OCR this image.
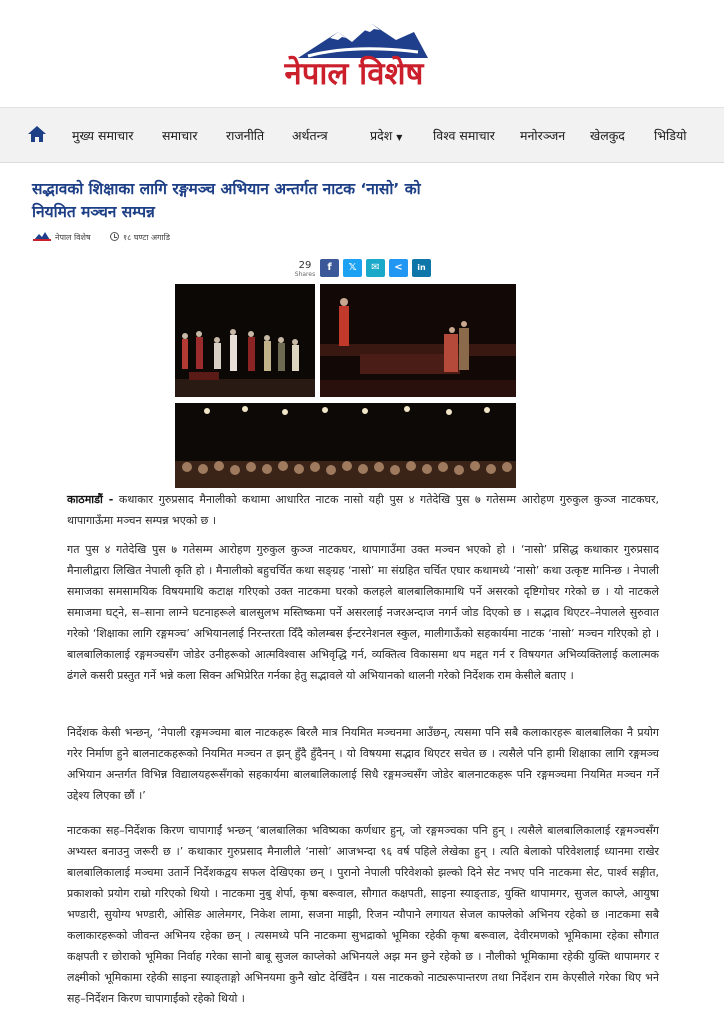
नेपाल विशेष
मुख्य समाचार समाचार राजनीति अर्थतन्त्र	प्रदेश ▼ विश्व समाचार मनोरञ्जन खेलकुद भिडियो
सद्भावको शिक्षाका लागि रङ्गमञ्च अभियान अन्तर्गत नाटक ‘नासो’ को नियमित मञ्चन सम्पन्न
नेपाल विशेष	१८ घण्टा अगाडि
29
Shares
f	𝕏	✉	<	in

काठमाडौं - कथाकार गुरुप्रसाद मैनालीको कथामा आधारित नाटक नासो यही पुस ४ गतेदेखि पुस ७ गतेसम्म आरोहण गुरुकुल कुञ्ज नाटकघर, थापागाऊँमा मञ्चन सम्पन्न भएको छ ।

गत पुस ४ गतेदेखि पुस ७ गतेसम्म आरोहण गुरुकुल कुञ्ज नाटकघर, थापागाउँमा उक्त मञ्चन भएको हो । ‘नासो’ प्रसिद्ध कथाकार गुरुप्रसाद मैनालीद्वारा लिखित नेपाली कृति हो । मैनालीको बहुचर्चित कथा सङ्ग्रह ‘नासो’ मा संग्रहित चर्चित एघार कथामध्ये ‘नासो’ कथा उत्कृष्ट मानिन्छ । नेपाली समाजका समसामयिक विषयमाथि कटाक्ष गरिएको उक्त नाटकमा घरको कलहले बालबालिकामाथि पर्ने असरको दृष्टिगोचर गरेको छ । यो नाटकले समाजमा घट्ने, स–साना लाग्ने घटनाहरूले बालसुलभ मस्तिष्कमा पर्ने असरलाई नजरअन्दाज नगर्न जोड दिएको छ । सद्भाव थिएटर–नेपालले सुरुवात गरेको ‘शिक्षाका लागि रङ्गमञ्च’ अभियानलाई निरन्तरता दिँदै कोलम्बस ईन्टरनेशनल स्कुल, मालीगाऊँको सहकार्यमा नाटक ‘नासो’ मञ्चन गरिएको हो । बालबालिकालाई रङ्गमञ्चसँग जोडेर उनीहरूको आत्मविश्वास अभिवृद्धि गर्न, व्यक्तित्व विकासमा थप मद्दत गर्न र विषयगत अभिव्यक्तिलाई कलात्मक ढंगले कसरी प्रस्तुत गर्ने भन्ने कला सिक्न अभिप्रेरित गर्नका हेतु सद्भावले यो अभियानको थालनी गरेको निर्देशक राम केसीले बताए ।

निर्देशक केसी भन्छन्, ‘नेपाली रङ्गमञ्चमा बाल नाटकहरू बिरलै मात्र नियमित मञ्चनमा आउँछन्, त्यसमा पनि सबै कलाकारहरू बालबालिका नै प्रयोग गरेर निर्माण हुने बालनाटकहरूको नियमित मञ्चन त झन् हुँदै हुँदैनन् । यो विषयमा सद्भाव थिएटर सचेत छ । त्यसैले पनि हामी शिक्षाका लागि रङ्गमञ्च अभियान अन्तर्गत विभिन्न विद्यालयहरूसँगको सहकार्यमा बालबालिकालाई सिधै रङ्गमञ्चसँग जोडेर बालनाटकहरू पनि रङ्गमञ्चमा नियमित मञ्चन गर्ने उद्देश्य लिएका छौं ।’

नाटकका सह–निर्देशक किरण चापागाईं भन्छन् ‘बालबालिका भविष्यका कर्णधार हुन्, जो रङ्गमञ्चका पनि हुन् । त्यसैले बालबालिकालाई रङ्गमञ्चसँग अभ्यस्त बनाउनु जरूरी छ ।’ कथाकार गुरुप्रसाद मैनालीले ‘नासो’ आजभन्दा ९६ वर्ष पहिले लेखेका हुन् । त्यति बेलाको परिवेशलाई ध्यानमा राखेर बालबालिकालाई मञ्चमा उतार्ने निर्देशकद्वय सफल देखिएका छन् । पुरानो नेपाली परिवेशको झल्को दिने सेट नभए पनि नाटकमा सेट, पार्श्व सङ्गीत, प्रकाशको प्रयोग राम्रो गरिएको थियो । नाटकमा नुबु शेर्पा, कृषा बरूवाल, सौगात कक्षपती, साइना स्याङ्ताङ, युक्ति थापामगर, सुजल काप्ले, आयुषा भण्डारी, सुयोग्य भण्डारी, ओसिङ आलेमगर, निकेश लामा, सजना माझी, रिजन न्यौपाने लगायत सेजल काफ्लेको अभिनय रहेको छ ।नाटकमा सबै कलाकारहरूको जीवन्त अभिनय रहेका छन् । त्यसमध्ये पनि नाटकमा सुभद्राको भूमिका रहेकी कृषा बरूवाल, देवीरमणको भूमिकामा रहेका सौगात कक्षपती र छोराको भूमिका निर्वाह गरेका सानो बाबू सुजल काप्लेको अभिनयले अझ मन छुने रहेको छ । नौलीको भूमिकामा रहेकी युक्ति थापामगर र लक्ष्मीको भूमिकामा रहेकी साइना स्याङ्ताङ्गो अभिनयमा कुनै खोट देखिँदैन । यस नाटकको नाट्यरूपान्तरण तथा निर्देशन राम केएसीले गरेका थिए भने सह–निर्देशन किरण चापागाईंको रहेको थियो ।
